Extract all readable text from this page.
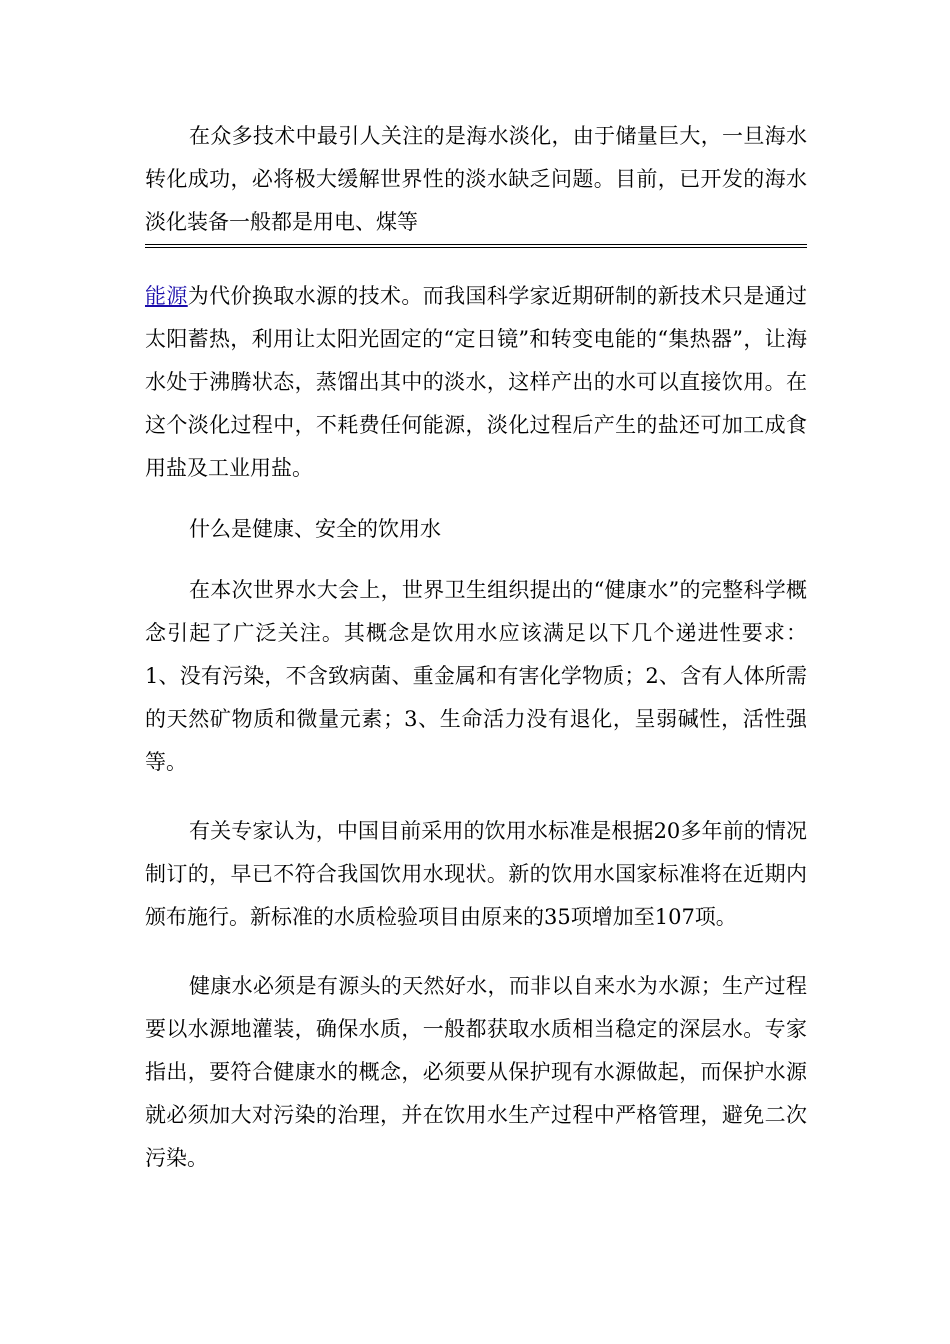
在众多技术中最引人关注的是海水淡化，由于储量巨大，一旦海水转化成功，必将极大缓解世界性的淡水缺乏问题。目前，已开发的海水淡化装备一般都是用电、煤等

能源为代价换取水源的技术。而我国科学家近期研制的新技术只是通过太阳蓄热，利用让太阳光固定的“定日镜”和转变电能的“集热器”，让海水处于沸腾状态，蒸馏出其中的淡水，这样产出的水可以直接饮用。在这个淡化过程中，不耗费任何能源，淡化过程后产生的盐还可加工成食用盐及工业用盐。

什么是健康、安全的饮用水

在本次世界水大会上，世界卫生组织提出的“健康水”的完整科学概念引起了广泛关注。其概念是饮用水应该满足以下几个递进性要求：1、没有污染，不含致病菌、重金属和有害化学物质；2、含有人体所需的天然矿物质和微量元素；3、生命活力没有退化，呈弱碱性，活性强等。

有关专家认为，中国目前采用的饮用水标准是根据20多年前的情况制订的，早已不符合我国饮用水现状。新的饮用水国家标准将在近期内颁布施行。新标准的水质检验项目由原来的35项增加至107项。

健康水必须是有源头的天然好水，而非以自来水为水源；生产过程要以水源地灌装，确保水质，一般都获取水质相当稳定的深层水。专家指出，要符合健康水的概念，必须要从保护现有水源做起，而保护水源就必须加大对污染的治理，并在饮用水生产过程中严格管理，避免二次污染。
